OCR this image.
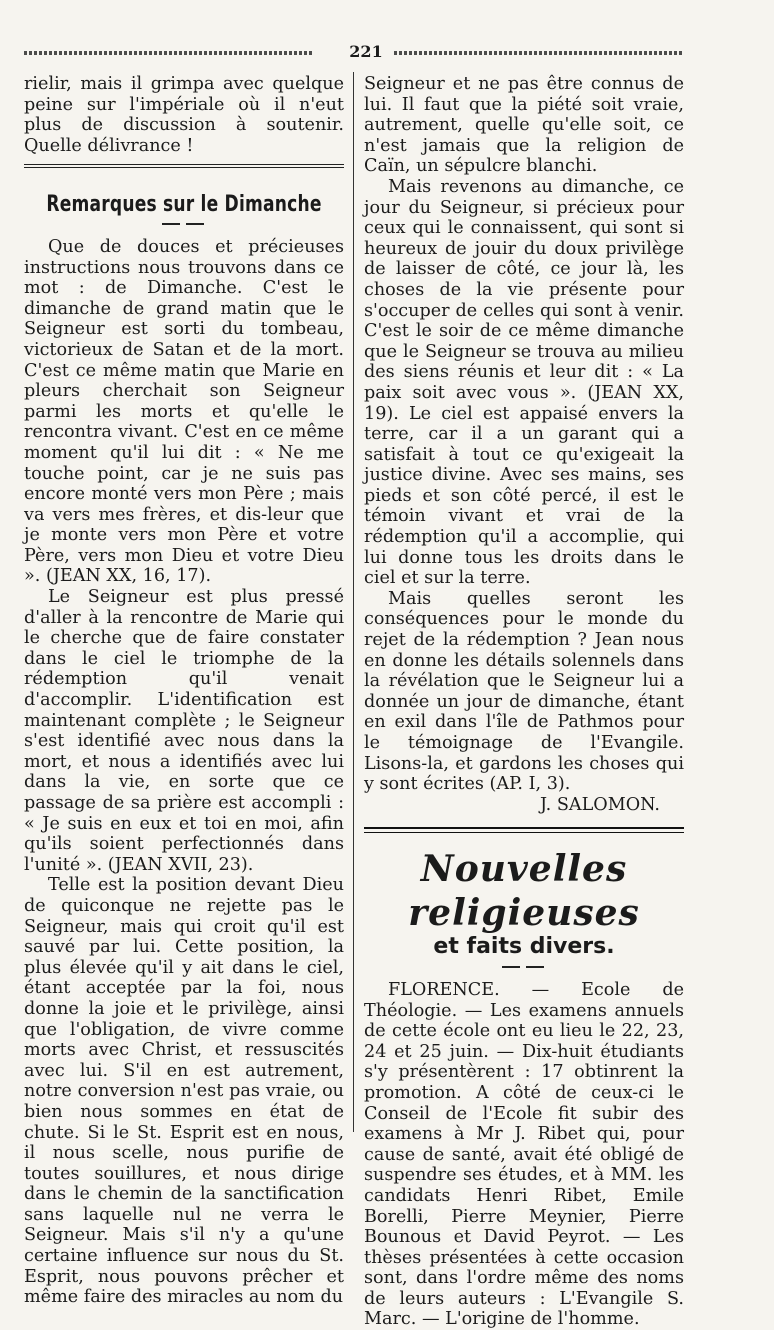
221

rielir, mais il grimpa avec quelque peine sur l'impériale où il n'eut plus de discussion à soutenir. Quelle délivrance !

Remarques sur le Dimanche

Que de douces et précieuses instructions nous trouvons dans ce mot : de Dimanche. C'est le dimanche de grand matin que le Seigneur est sorti du tombeau, victorieux de Satan et de la mort. C'est ce même matin que Marie en pleurs cherchait son Seigneur parmi les morts et qu'elle le rencontra vivant. C'est en ce même moment qu'il lui dit : « Ne me touche point, car je ne suis pas encore monté vers mon Père ; mais va vers mes frères, et dis-leur que je monte vers mon Père et votre Père, vers mon Dieu et votre Dieu ». (JEAN XX, 16, 17).

Le Seigneur est plus pressé d'aller à la rencontre de Marie qui le cherche que de faire constater dans le ciel le triomphe de la rédemption qu'il venait d'accomplir. L'identification est maintenant complète ; le Seigneur s'est identifié avec nous dans la mort, et nous a identifiés avec lui dans la vie, en sorte que ce passage de sa prière est accompli : « Je suis en eux et toi en moi, afin qu'ils soient perfectionnés dans l'unité ». (JEAN XVII, 23).

Telle est la position devant Dieu de quiconque ne rejette pas le Seigneur, mais qui croit qu'il est sauvé par lui. Cette position, la plus élevée qu'il y ait dans le ciel, étant acceptée par la foi, nous donne la joie et le privilège, ainsi que l'obligation, de vivre comme morts avec Christ, et ressuscités avec lui. S'il en est autrement, notre conversion n'est pas vraie, ou bien nous sommes en état de chute. Si le St. Esprit est en nous, il nous scelle, nous purifie de toutes souillures, et nous dirige dans le chemin de la sanctification sans laquelle nul ne verra le Seigneur. Mais s'il n'y a qu'une certaine influence sur nous du St. Esprit, nous pouvons prêcher et même faire des miracles au nom du

Seigneur et ne pas être connus de lui. Il faut que la piété soit vraie, autrement, quelle qu'elle soit, ce n'est jamais que la religion de Caïn, un sépulcre blanchi.

Mais revenons au dimanche, ce jour du Seigneur, si précieux pour ceux qui le connaissent, qui sont si heureux de jouir du doux privilège de laisser de côté, ce jour là, les choses de la vie présente pour s'occuper de celles qui sont à venir. C'est le soir de ce même dimanche que le Seigneur se trouva au milieu des siens réunis et leur dit : « La paix soit avec vous ». (JEAN XX, 19). Le ciel est appaisé envers la terre, car il a un garant qui a satisfait à tout ce qu'exigeait la justice divine. Avec ses mains, ses pieds et son côté percé, il est le témoin vivant et vrai de la rédemption qu'il a accomplie, qui lui donne tous les droits dans le ciel et sur la terre.

Mais quelles seront les conséquences pour le monde du rejet de la rédemption ? Jean nous en donne les détails solennels dans la révélation que le Seigneur lui a donnée un jour de dimanche, étant en exil dans l'île de Pathmos pour le témoignage de l'Evangile. Lisons-la, et gardons les choses qui y sont écrites (AP. I, 3).

J. SALOMON.

Nouvelles religieuses
et faits divers.

FLORENCE. — Ecole de Théologie. — Les examens annuels de cette école ont eu lieu le 22, 23, 24 et 25 juin. — Dix-huit étudiants s'y présentèrent : 17 obtinrent la promotion. A côté de ceux-ci le Conseil de l'Ecole fit subir des examens à Mr J. Ribet qui, pour cause de santé, avait été obligé de suspendre ses études, et à MM. les candidats Henri Ribet, Emile Borelli, Pierre Meynier, Pierre Bounous et David Peyrot. — Les thèses présentées à cette occasion sont, dans l'ordre même des noms de leurs auteurs : L'Evangile S. Marc. — L'origine de l'homme.
